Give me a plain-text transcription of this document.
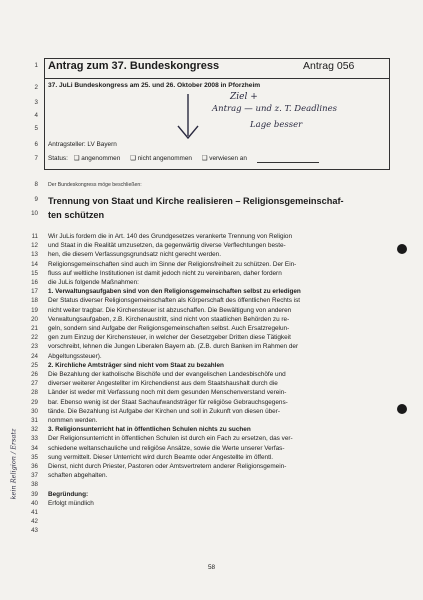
Antrag zum 37. Bundeskongress	Antrag 056
37. JuLi Bundeskongress am 25. und 26. Oktober 2008 in Pforzheim
Antragsteller: LV Bayern
Status: ❑ angenommen ❑ nicht angenommen ❑ verwiesen an
Der Bundeskongress möge beschließen:
Trennung von Staat und Kirche realisieren – Religionsgemeinschaf-
ten schützen
1
2
3
4
5
6
7
8
9
10
11
12
13
14
15
16
17
18
19
20
21
22
23
24
25
26
27
28
29
30
31
32
33
34
35
36
37
38
39
40
41
42
43
Wir JuLis fordern die in Art. 140 des Grundgesetzes verankerte Trennung von Religion
und Staat in die Realität umzusetzen, da gegenwärtig diverse Verflechtungen beste-
hen, die diesem Verfassungsgrundsatz nicht gerecht werden.
Religionsgemeinschaften sind auch im Sinne der Religionsfreiheit zu schützen. Der Ein-
fluss auf weltliche Institutionen ist damit jedoch nicht zu vereinbaren, daher fordern
die JuLis folgende Maßnahmen:
1. Verwaltungsaufgaben sind von den Religionsgemeinschaften selbst zu erledigen
Der Status diverser Religionsgemeinschaften als Körperschaft des öffentlichen Rechts ist
nicht weiter tragbar. Die Kirchensteuer ist abzuschaffen. Die Bewältigung von anderen
Verwaltungsaufgaben, z.B. Kirchenaustritt, sind nicht von staatlichen Behörden zu re-
geln, sondern sind Aufgabe der Religionsgemeinschaften selbst. Auch Ersatzregelun-
gen zum Einzug der Kirchensteuer, in welcher der Gesetzgeber Dritten diese Tätigkeit
vorschreibt, lehnen die Jungen Liberalen Bayern ab. (Z.B. durch Banken im Rahmen der
Abgeltungssteuer).
2. Kirchliche Amtsträger sind nicht vom Staat zu bezahlen
Die Bezahlung der katholische Bischöfe und der evangelischen Landesbischöfe und
diverser weiterer Angestellter im Kirchendienst aus dem Staatshaushalt durch die
Länder ist weder mit Verfassung noch mit dem gesunden Menschenverstand verein-
bar. Ebenso wenig ist der Staat Sachaufwandsträger für religiöse Gebrauchsgegens-
tände. Die Bezahlung ist Aufgabe der Kirchen und soll in Zukunft von diesen über-
nommen werden.
3. Religionsunterricht hat in öffentlichen Schulen nichts zu suchen
Der Religionsunterricht in öffentlichen Schulen ist durch ein Fach zu ersetzen, das ver-
schiedene weltanschauliche und religiöse Ansätze, sowie die Werte unserer Verfas-
sung vermittelt. Dieser Unterricht wird durch Beamte oder Angestellte im öffentl.
Dienst, nicht durch Priester, Pastoren oder Amtsvertretern anderer Religionsgemein-
schaften abgehalten.
Begründung:
Erfolgt mündlich
Ziel +
Antrag — und z. T. Deadlines
Lage besser
kein Religion / Ersatz
58
